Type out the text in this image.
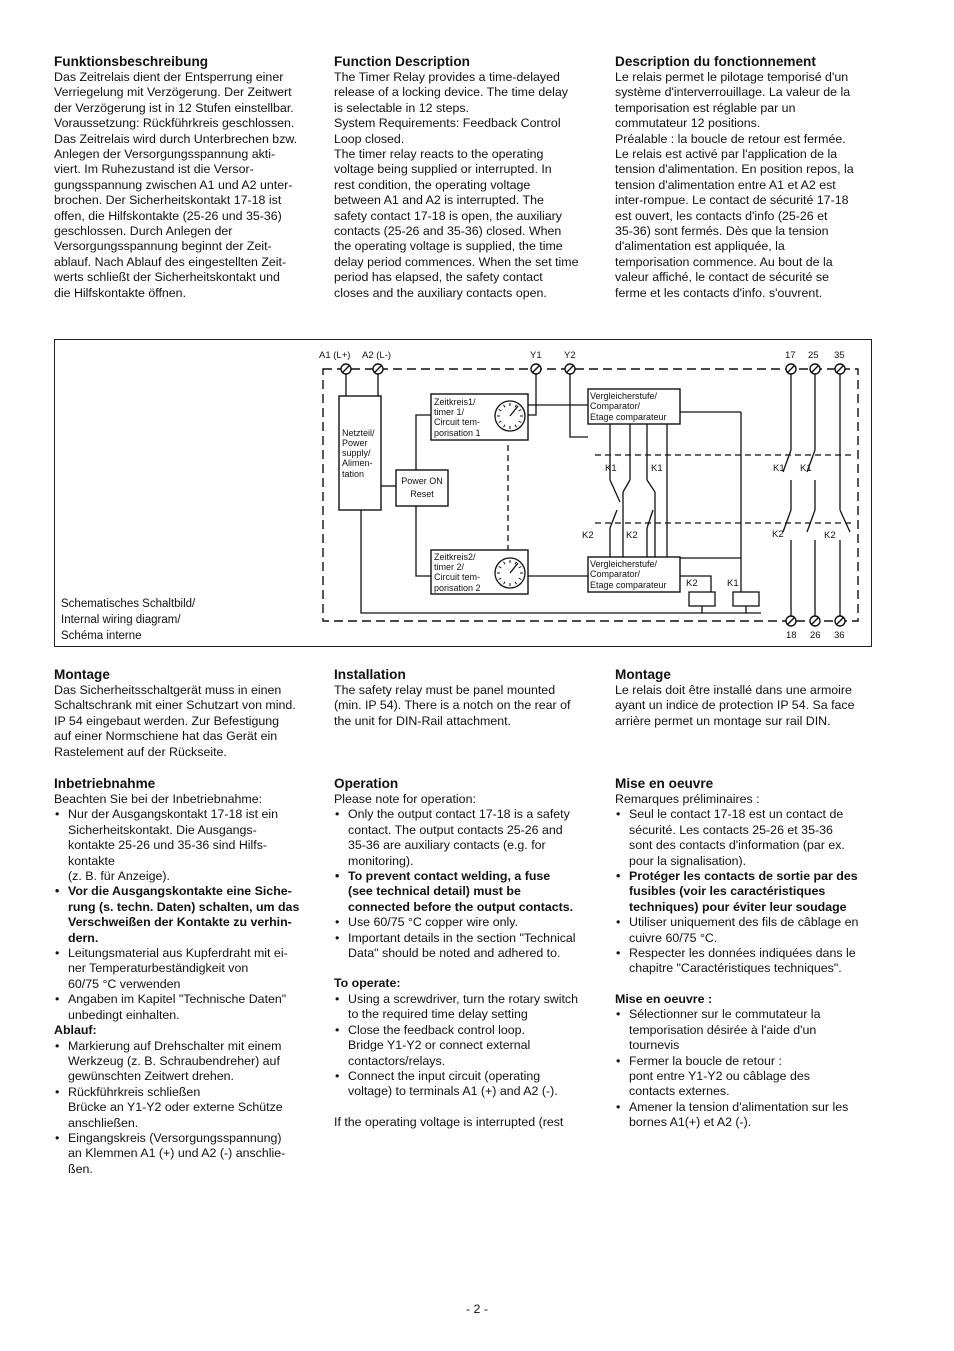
Funktionsbeschreibung

Das Zeitrelais dient der Entsperrung einer
Verriegelung mit Verzögerung. Der Zeitwert
der Verzögerung ist in 12 Stufen einstellbar.
Voraussetzung: Rückführkreis geschlossen.
Das Zeitrelais wird durch Unterbrechen bzw.
Anlegen der Versorgungsspannung akti-
viert. Im Ruhezustand ist die Versor-
gungsspannung zwischen A1 und A2 unter-
brochen. Der Sicherheitskontakt 17-18 ist
offen, die Hilfskontakte (25-26 und 35-36)
geschlossen. Durch Anlegen der
Versorgungsspannung beginnt der Zeit-
ablauf. Nach Ablauf des eingestellten Zeit-
werts schließt der Sicherheitskontakt und
die Hilfskontakte öffnen.

Function Description

The Timer Relay provides a time-delayed
release of a locking device. The time delay
is selectable in 12 steps.
System Requirements: Feedback Control
Loop closed.
The timer relay reacts to the operating
voltage being supplied or interrupted. In
rest condition, the operating voltage
between A1 and A2 is interrupted. The
safety contact 17-18 is open, the auxiliary
contacts (25-26 and 35-36) closed. When
the operating voltage is supplied, the time
delay period commences. When the set time
period has elapsed, the safety contact
closes and the auxiliary contacts open.

Description du fonctionnement

Le relais permet le pilotage temporisé d'un
système d'interverrouillage. La valeur de la
temporisation est réglable par un
commutateur 12 positions.
Préalable : la boucle de retour est fermée.
Le relais est activé par l'application de la
tension d'alimentation. En position repos, la
tension d'alimentation entre A1 et A2 est
inter-rompue. Le contact de sécurité 17-18
est ouvert, les contacts d'info (25-26 et
35-36) sont fermés. Dès que la tension
d'alimentation est appliquée, la
temporisation commence. Au bout de la
valeur affiché, le contact de sécurité se
ferme et les contacts d'info. s'ouvrent.

A1 (L+) A2 (L-)	Y1 Y2	17 25 35
18 26 36
Netzteil/
Power
supply/
Alimen-
tation
Power ON
Reset
Zeitkreis1/
timer 1/
Circuit tem-
porisation 1
Zeitkreis2/
timer 2/
Circuit tem-
porisation 2
Vergleicherstufe/
Comparator/
Etage comparateur
Vergleicherstufe/
Comparator/
Etage comparateur
K1	K1	K1 K1
K2	K2	K2	K2
K2	K1
Schematisches Schaltbild/
Internal wiring diagram/
Schéma interne
Montage

Das Sicherheitsschaltgerät muss in einen
Schaltschrank mit einer Schutzart von mind.
IP 54 eingebaut werden. Zur Befestigung
auf einer Normschiene hat das Gerät ein
Rastelement auf der Rückseite.

Installation

The safety relay must be panel mounted
(min. IP 54). There is a notch on the rear of
the unit for DIN-Rail attachment.

Montage

Le relais doit être installé dans une armoire
ayant un indice de protection IP 54. Sa face
arrière permet un montage sur rail DIN.

Inbetriebnahme

Beachten Sie bei der Inbetriebnahme:

• Nur der Ausgangskontakt 17-18 ist ein
Sicherheitskontakt. Die Ausgangs-
kontakte 25-26 und 35-36 sind Hilfs-
kontakte
(z. B. für Anzeige).
• Vor die Ausgangskontakte eine Siche-
rung (s. techn. Daten) schalten, um das
Verschweißen der Kontakte zu verhin-
dern.
• Leitungsmaterial aus Kupferdraht mit ei-
ner Temperaturbeständigkeit von
60/75 °C verwenden
• Angaben im Kapitel "Technische Daten"
unbedingt einhalten.

Ablauf:

• Markierung auf Drehschalter mit einem
Werkzeug (z. B. Schraubendreher) auf
gewünschten Zeitwert drehen.
• Rückführkreis schließen
Brücke an Y1-Y2 oder externe Schütze
anschließen.
• Eingangskreis (Versorgungsspannung)
an Klemmen A1 (+) und A2 (-) anschlie-
ßen.
Operation

Please note for operation:

• Only the output contact 17-18 is a safety
contact. The output contacts 25-26 and
35-36 are auxiliary contacts (e.g. for
monitoring).
• To prevent contact welding, a fuse
(see technical detail) must be
connected before the output contacts.
• Use 60/75 °C copper wire only.
• Important details in the section "Technical
Data" should be noted and adhered to.

To operate:

• Using a screwdriver, turn the rotary switch
to the required time delay setting
• Close the feedback control loop.
Bridge Y1-Y2 or connect external
contactors/relays.
• Connect the input circuit (operating
voltage) to terminals A1 (+) and A2 (-).

If the operating voltage is interrupted (rest

Mise en oeuvre

Remarques préliminaires :

• Seul le contact 17-18 est un contact de
sécurité. Les contacts 25-26 et 35-36
sont des contacts d'information (par ex.
pour la signalisation).
• Protéger les contacts de sortie par des
fusibles (voir les caractéristiques
techniques) pour éviter leur soudage
• Utiliser uniquement des fils de câblage en
cuivre 60/75 °C.
• Respecter les données indiquées dans le
chapitre "Caractéristiques techniques".

Mise en oeuvre :

• Sélectionner sur le commutateur la
temporisation désirée à l'aide d'un
tournevis
• Fermer la boucle de retour :
pont entre Y1-Y2 ou câblage des
contacts externes.
• Amener la tension d'alimentation sur les
bornes A1(+) et A2 (-).
- 2 -
